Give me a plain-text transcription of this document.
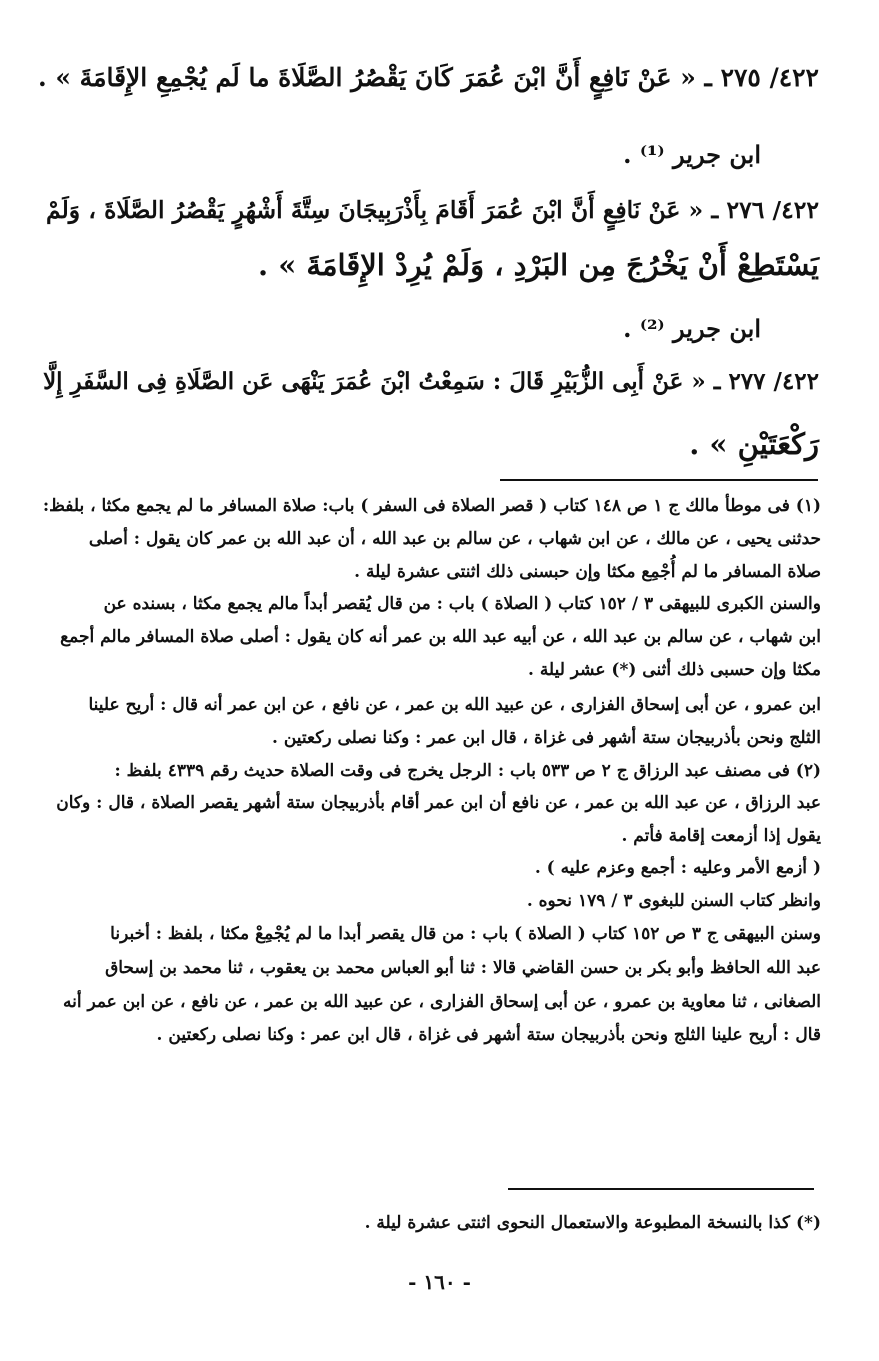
٤٢٢/ ٢٧٥ ـ « عَنْ نَافِعٍ أَنَّ ابْنَ عُمَرَ كَانَ يَقْصُرُ الصَّلَاةَ ما لَم يُجْمِعِ الإِقَامَةَ » .
ابن جرير ⁽¹⁾ .
٤٢٢/ ٢٧٦ ـ « عَنْ نَافِعٍ أَنَّ ابْنَ عُمَرَ أَقَامَ بِأَذْرَبِيجَانَ سِتَّةَ أَشْهُرٍ يَقْصُرُ الصَّلَاةَ ، وَلَمْ
يَسْتَطِعْ أَنْ يَخْرُجَ مِن البَرْدِ ، وَلَمْ يُرِدْ الإِقَامَةَ » .
ابن جرير ⁽²⁾ .
٤٢٢/ ٢٧٧ ـ « عَنْ أَبِى الزُّبَيْرِ قَالَ : سَمِعْتُ ابْنَ عُمَرَ يَنْهَى عَن الصَّلَاةِ فِى السَّفَرِ إِلَّا
رَكْعَتَيْنِ » .
(١) فى موطأ مالك ج ١ ص ١٤٨ كتاب ( قصر الصلاة فى السفر ) باب: صلاة المسافر ما لم يجمع مكثا ، بلفظ:
حدثنى يحيى ، عن مالك ، عن ابن شهاب ، عن سالم بن عبد الله ، أن عبد الله بن عمر كان يقول : أصلى
صلاة المسافر ما لم أُجْمِع مكثا وإن حبسنى ذلك اثنتى عشرة ليلة .
والسنن الكبرى للبيهقى ٣ / ١٥٢ كتاب ( الصلاة ) باب : من قال يُقصر أبداً مالم يجمع مكثا ، بسنده عن
ابن شهاب ، عن سالم بن عبد الله ، عن أبيه عبد الله بن عمر أنه كان يقول : أصلى صلاة المسافر مالم أجمع
مكثا وإن حسبى ذلك أثنى (*) عشر ليلة .
ابن عمرو ، عن أبى إسحاق الفزارى ، عن عبيد الله بن عمر ، عن نافع ، عن ابن عمر أنه قال : أريح علينا
الثلج ونحن بأذربيجان ستة أشهر فى غزاة ، قال ابن عمر : وكنا نصلى ركعتين .
(٢) فى مصنف عبد الرزاق ج ٢ ص ٥٣٣ باب : الرجل يخرج فى وقت الصلاة حديث رقم ٤٣٣٩ بلفظ :
عبد الرزاق ، عن عبد الله بن عمر ، عن نافع أن ابن عمر أقام بأذربيجان ستة أشهر يقصر الصلاة ، قال : وكان
يقول إذا أزمعت إقامة فأتم .
( أزمع الأمر وعليه : أجمع وعزم عليه ) .
وانظر كتاب السنن للبغوى ٣ / ١٧٩ نحوه .
وسنن البيهقى ج ٣ ص ١٥٢ كتاب ( الصلاة ) باب : من قال يقصر أبدا ما لم يُجْمِعْ مكثا ، بلفظ : أخبرنا
عبد الله الحافظ وأبو بكر بن حسن القاضي قالا : ثنا أبو العباس محمد بن يعقوب ، ثنا محمد بن إسحاق
الصغانى ، ثنا معاوية بن عمرو ، عن أبى إسحاق الفزارى ، عن عبيد الله بن عمر ، عن نافع ، عن ابن عمر أنه
قال : أريح علينا الثلج ونحن بأذربيجان ستة أشهر فى غزاة ، قال ابن عمر : وكنا نصلى ركعتين .
(*) كذا بالنسخة المطبوعة والاستعمال النحوى اثنتى عشرة ليلة .
- ١٦٠ -
